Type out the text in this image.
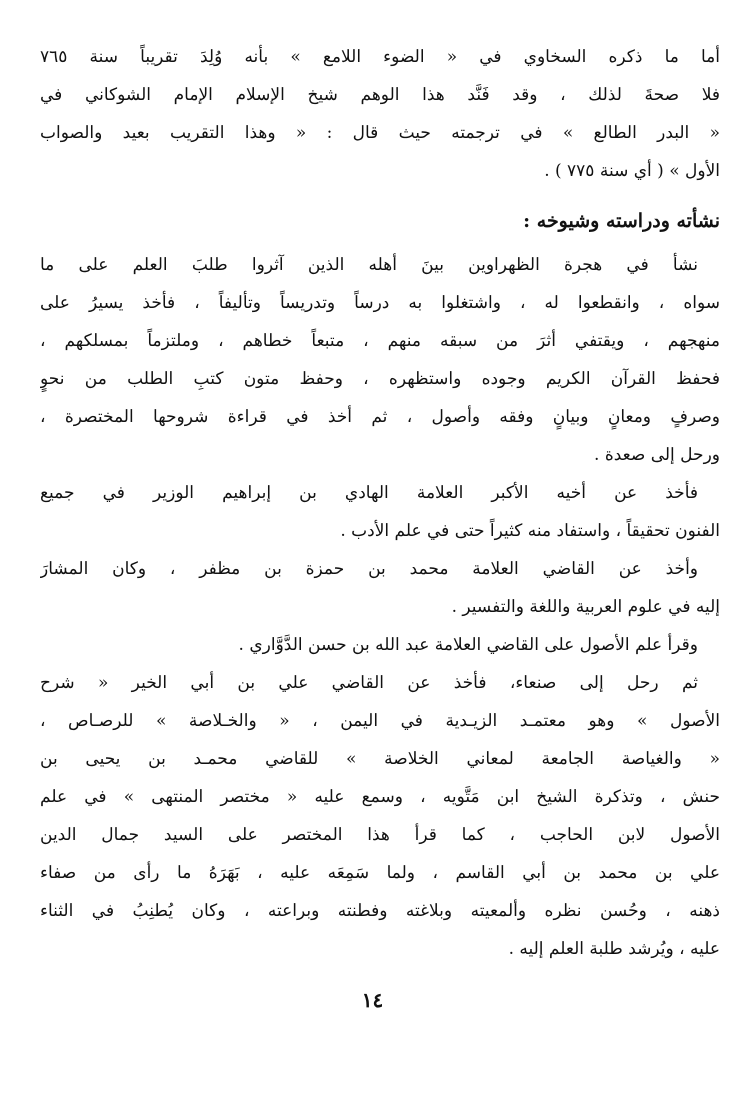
أما ما ذكره السخاوي في « الضوء اللامع » بأنه وُلِدَ تقريباً سنة ٧٦٥
فلا صحةَ لذلك ، وقد فَنَّد هذا الوهم شيخ الإسلام الإمام الشوكاني في
« البدر الطالع » في ترجمته حيث قال : « وهذا التقريب بعيد والصواب
الأول » ( أي سنة ٧٧٥ ) .
نشأته ودراسته وشيوخه :
نشأ في هجرة الظهراوين بينَ أهله الذين آثروا طلبَ العلم على ما
سواه ، وانقطعوا له ، واشتغلوا به درساً وتدريساً وتأليفاً ، فأخذ يسيرُ على
منهجهم ، ويقتفي أثرَ من سبقه منهم ، متبعاً خطاهم ، وملتزماً بمسلكهم ،
فحفظ القرآن الكريم وجوده واستظهره ، وحفظ متون كتبِ الطلب من نحوٍ
وصرفٍ ومعانٍ وبيانٍ وفقه وأصول ، ثم أخذ في قراءة شروحها المختصرة ،
ورحل إلى صعدة .
فأخذ عن أخيه الأكبر العلامة الهادي بن إبراهيم الوزير في جميع
الفنون تحقيقاً ، واستفاد منه كثيراً حتى في علم الأدب .
وأخذ عن القاضي العلامة محمد بن حمزة بن مظفر ، وكان المشارَ
إليه في علوم العربية واللغة والتفسير .
وقرأ علم الأصول على القاضي العلامة عبد الله بن حسن الدَّوَّاري .
ثم رحل إلى صنعاء، فأخذ عن القاضي علي بن أبي الخير « شرح
الأصول » وهو معتمـد الزيـدية في اليمن ، « والخـلاصة » للرصـاص ،
« والغياصة الجامعة لمعاني الخلاصة » للقاضي محمـد بن يحيى بن
حنش ، وتذكرة الشيخ ابن مَتَّويه ، وسمع عليه « مختصر المنتهى » في علم
الأصول لابن الحاجب ، كما قرأ هذا المختصر على السيد جمال الدين
علي بن محمد بن أبي القاسم ، ولما سَمِعَه عليه ، بَهَرَهُ ما رأى من صفاء
ذهنه ، وحُسن نظره وألمعيته وبلاغته وفطنته وبراعته ، وكان يُطنِبُ في الثناء
عليه ، ويُرشد طلبة العلم إليه .
١٤
